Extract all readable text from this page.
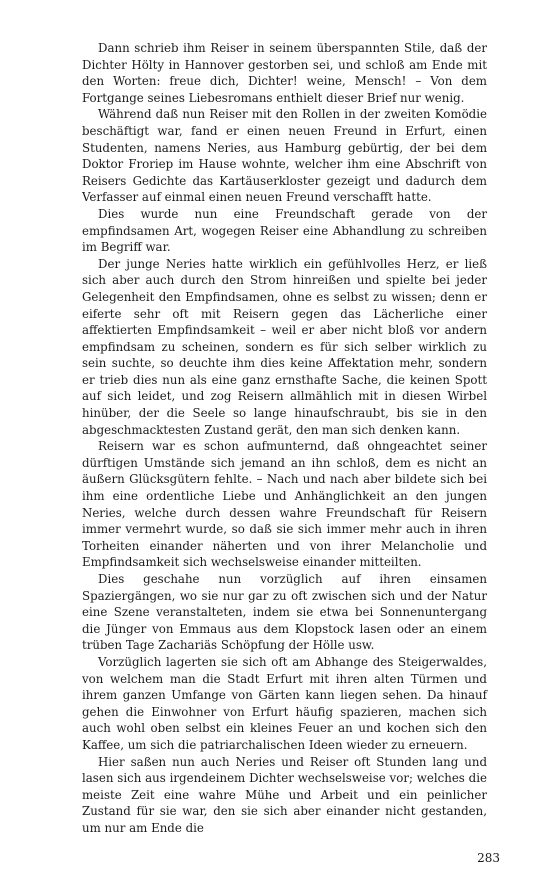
Dann schrieb ihm Reiser in seinem überspannten Stile, daß der Dichter Hölty in Hannover gestorben sei, und schloß am Ende mit den Worten: freue dich, Dichter! weine, Mensch! – Von dem Fortgange seines Liebesromans enthielt dieser Brief nur wenig.

Während daß nun Reiser mit den Rollen in der zweiten Komödie beschäftigt war, fand er einen neuen Freund in Erfurt, einen Studenten, namens Neries, aus Hamburg gebürtig, der bei dem Doktor Froriep im Hause wohnte, welcher ihm eine Abschrift von Reisers Gedichte das Kartäuserkloster gezeigt und dadurch dem Verfasser auf einmal einen neuen Freund verschafft hatte.

Dies wurde nun eine Freundschaft gerade von der empfindsamen Art, wogegen Reiser eine Abhandlung zu schreiben im Begriff war.

Der junge Neries hatte wirklich ein gefühlvolles Herz, er ließ sich aber auch durch den Strom hinreißen und spielte bei jeder Gelegenheit den Empfindsamen, ohne es selbst zu wissen; denn er eiferte sehr oft mit Reisern gegen das Lächerliche einer affektierten Empfindsamkeit – weil er aber nicht bloß vor andern empfindsam zu scheinen, sondern es für sich selber wirklich zu sein suchte, so deuchte ihm dies keine Affektation mehr, sondern er trieb dies nun als eine ganz ernsthafte Sache, die keinen Spott auf sich leidet, und zog Reisern allmählich mit in diesen Wirbel hinüber, der die Seele so lange hinaufschraubt, bis sie in den abgeschmacktesten Zustand gerät, den man sich denken kann.

Reisern war es schon aufmunternd, daß ohngeachtet seiner dürftigen Umstände sich jemand an ihn schloß, dem es nicht an äußern Glücksgütern fehlte. – Nach und nach aber bildete sich bei ihm eine ordentliche Liebe und Anhänglichkeit an den jungen Neries, welche durch dessen wahre Freundschaft für Reisern immer vermehrt wurde, so daß sie sich immer mehr auch in ihren Torheiten einander näherten und von ihrer Melancholie und Empfindsamkeit sich wechselsweise einander mitteilten.

Dies geschahe nun vorzüglich auf ihren einsamen Spaziergängen, wo sie nur gar zu oft zwischen sich und der Natur eine Szene veranstalteten, indem sie etwa bei Sonnenuntergang die Jünger von Emmaus aus dem Klopstock lasen oder an einem trüben Tage Zachariäs Schöpfung der Hölle usw.

Vorzüglich lagerten sie sich oft am Abhange des Steigerwaldes, von welchem man die Stadt Erfurt mit ihren alten Türmen und ihrem ganzen Umfange von Gärten kann liegen sehen. Da hinauf gehen die Einwohner von Erfurt häufig spazieren, machen sich auch wohl oben selbst ein kleines Feuer an und kochen sich den Kaffee, um sich die patriarchalischen Ideen wieder zu erneuern.

Hier saßen nun auch Neries und Reiser oft Stunden lang und lasen sich aus irgendeinem Dichter wechselsweise vor; welches die meiste Zeit eine wahre Mühe und Arbeit und ein peinlicher Zustand für sie war, den sie sich aber einander nicht gestanden, um nur am Ende die

283
